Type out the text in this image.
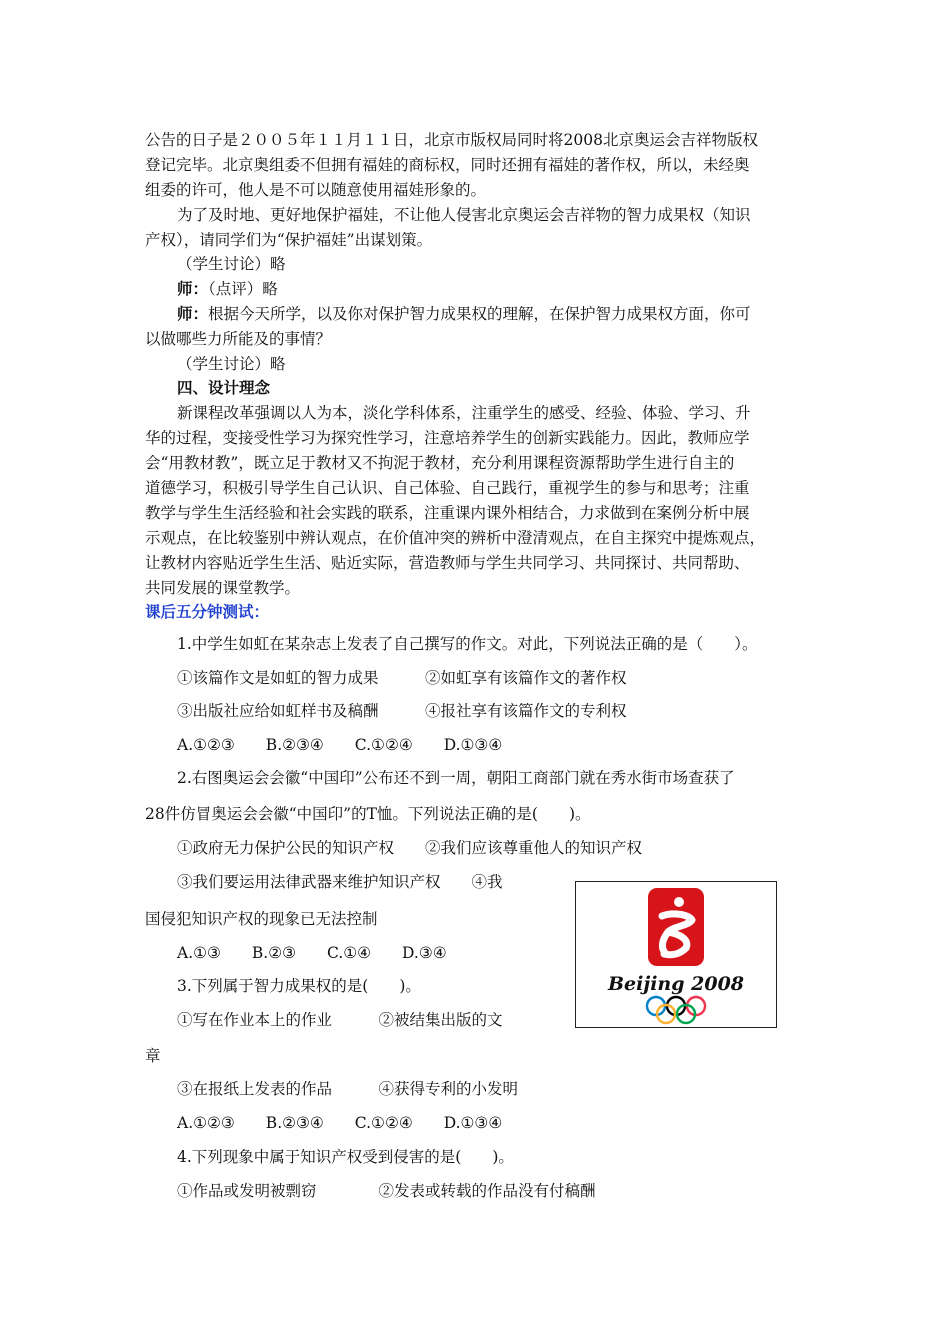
公告的日子是２００５年１１月１１日，北京市版权局同时将2008北京奥运会吉祥物版权
登记完毕。北京奥组委不但拥有福娃的商标权，同时还拥有福娃的著作权，所以，未经奥
组委的许可，他人是不可以随意使用福娃形象的。
为了及时地、更好地保护福娃，不让他人侵害北京奥运会吉祥物的智力成果权（知识
产权），请同学们为“保护福娃”出谋划策。
（学生讨论）略
师：（点评）略
师：根据今天所学，以及你对保护智力成果权的理解，在保护智力成果权方面，你可
以做哪些力所能及的事情？
（学生讨论）略
四、设计理念
新课程改革强调以人为本，淡化学科体系，注重学生的感受、经验、体验、学习、升
华的过程，变接受性学习为探究性学习，注意培养学生的创新实践能力。因此，教师应学
会“用教材教”，既立足于教材又不拘泥于教材，充分利用课程资源帮助学生进行自主的
道德学习，积极引导学生自己认识、自己体验、自己践行，重视学生的参与和思考；注重
教学与学生生活经验和社会实践的联系，注重课内课外相结合，力求做到在案例分析中展
示观点，在比较鉴别中辨认观点，在价值冲突的辨析中澄清观点，在自主探究中提炼观点，
让教材内容贴近学生生活、贴近实际，营造教师与学生共同学习、共同探讨、共同帮助、
共同发展的课堂教学。
课后五分钟测试：
1.中学生如虹在某杂志上发表了自己撰写的作文。对此，下列说法正确的是（　　）。
①该篇作文是如虹的智力成果　　　②如虹享有该篇作文的著作权
③出版社应给如虹样书及稿酬　　　④报社享有该篇作文的专利权
A.①②③　　B.②③④　　C.①②④　　D.①③④
2.右图奥运会会徽“中国印”公布还不到一周，朝阳工商部门就在秀水街市场查获了
28件仿冒奥运会会徽“中国印”的T恤。下列说法正确的是(　　)。
①政府无力保护公民的知识产权　　②我们应该尊重他人的知识产权
③我们要运用法律武器来维护知识产权　　④我
国侵犯知识产权的现象已无法控制
A.①③　　B.②③　　C.①④　　D.③④
3.下列属于智力成果权的是(　　)。
①写在作业本上的作业　　　②被结集出版的文
章
③在报纸上发表的作品　　　④获得专利的小发明
A.①②③　　B.②③④　　C.①②④　　D.①③④
4.下列现象中属于知识产权受到侵害的是(　　)。
①作品或发明被剽窃　　　　②发表或转载的作品没有付稿酬
Beijing 2008
